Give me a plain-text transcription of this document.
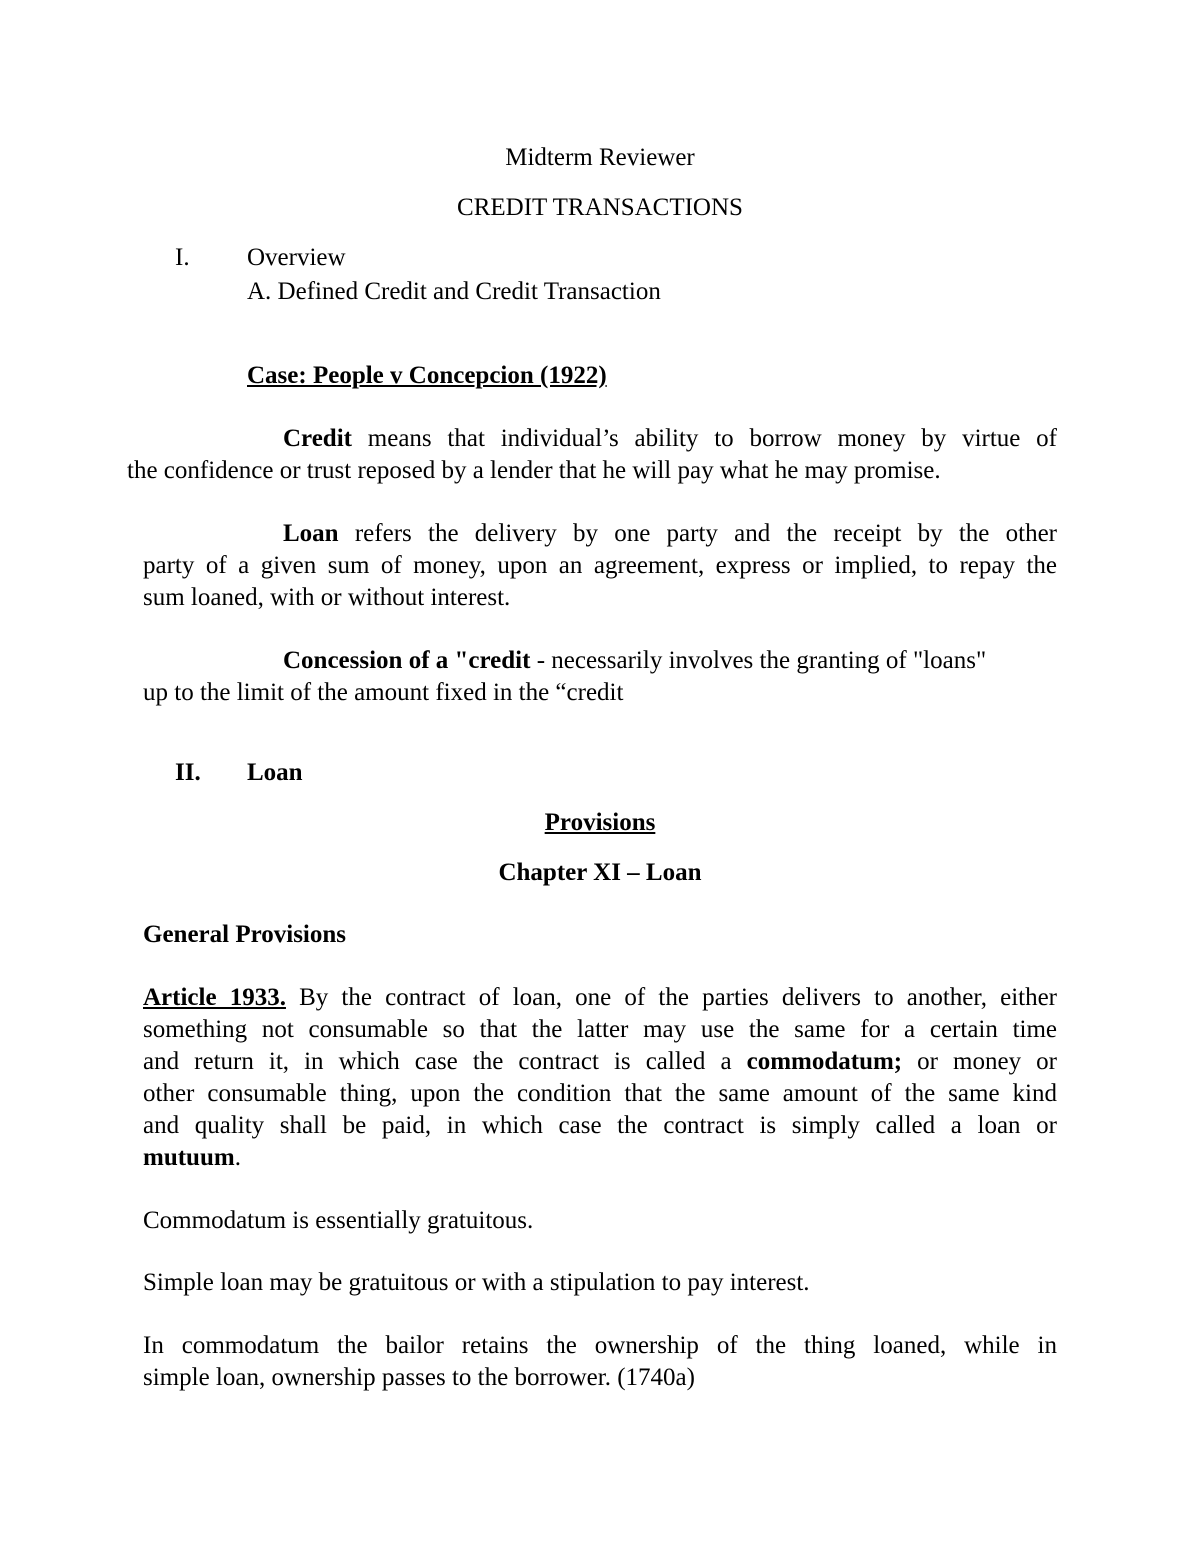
Midterm Reviewer
CREDIT TRANSACTIONS
I. Overview
A. Defined Credit and Credit Transaction
Case: People v Concepcion (1922)
Credit means that individual’s ability to borrow money by virtue of
the confidence or trust reposed by a lender that he will pay what he may promise.
Loan refers the delivery by one party and the receipt by the other
party of a given sum of money, upon an agreement, express or implied, to repay the
sum loaned, with or without interest.
Concession of a "credit - necessarily involves the granting of "loans"
up to the limit of the amount fixed in the “credit
II. Loan
Provisions
Chapter XI – Loan
General Provisions
Article 1933. By the contract of loan, one of the parties delivers to another, either
something not consumable so that the latter may use the same for a certain time
and return it, in which case the contract is called a commodatum; or money or
other consumable thing, upon the condition that the same amount of the same kind
and quality shall be paid, in which case the contract is simply called a loan or
mutuum.
Commodatum is essentially gratuitous.
Simple loan may be gratuitous or with a stipulation to pay interest.
In commodatum the bailor retains the ownership of the thing loaned, while in
simple loan, ownership passes to the borrower. (1740a)
